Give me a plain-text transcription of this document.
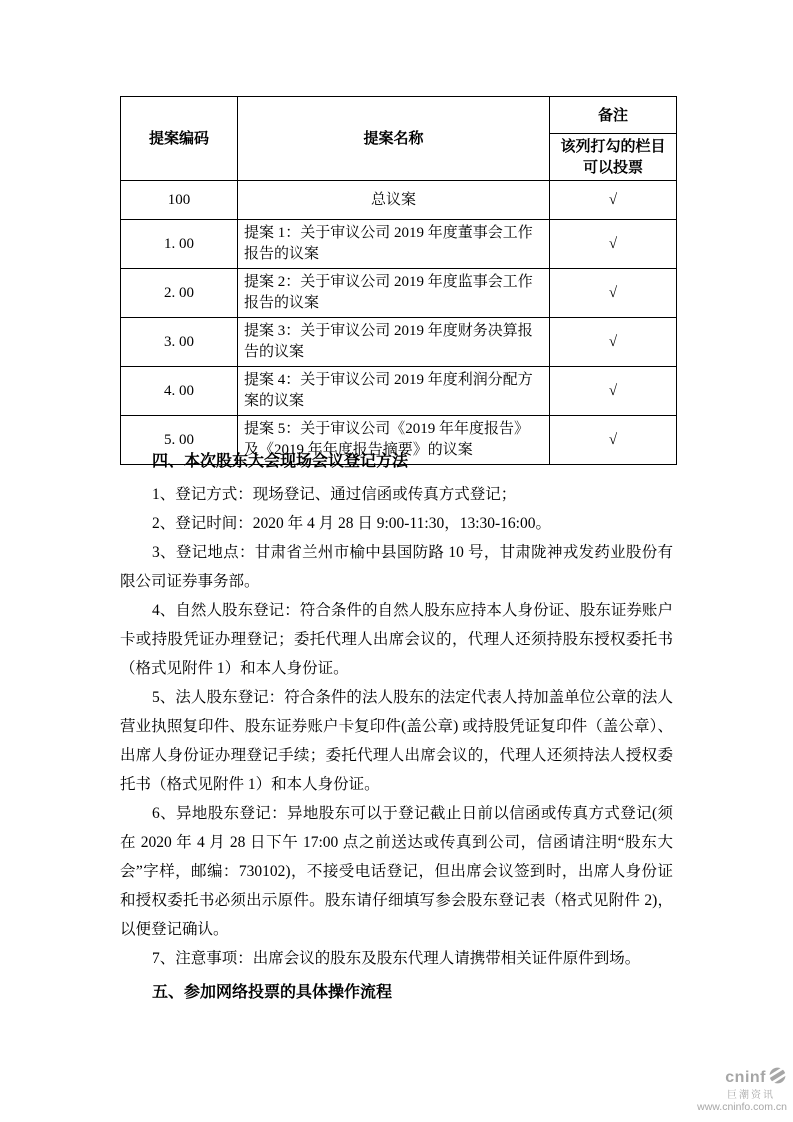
提案编码	提案名称	备注
		该列打勾的栏目可以投票
100	总议案	√
1. 00	提案 1：关于审议公司 2019 年度董事会工作报告的议案	√
2. 00	提案 2：关于审议公司 2019 年度监事会工作报告的议案	√
3. 00	提案 3：关于审议公司 2019 年度财务决算报告的议案	√
4. 00	提案 4：关于审议公司 2019 年度利润分配方案的议案	√
5. 00	提案 5：关于审议公司《2019 年年度报告》及《2019 年年度报告摘要》的议案	√
四、本次股东大会现场会议登记方法

1、登记方式：现场登记、通过信函或传真方式登记；

2、登记时间：2020 年 4 月 28 日 9:00-11:30，13:30-16:00。

3、登记地点：甘肃省兰州市榆中县国防路 10 号，甘肃陇神戎发药业股份有限公司证券事务部。

4、自然人股东登记：符合条件的自然人股东应持本人身份证、股东证券账户卡或持股凭证办理登记；委托代理人出席会议的，代理人还须持股东授权委托书（格式见附件 1）和本人身份证。

5、法人股东登记：符合条件的法人股东的法定代表人持加盖单位公章的法人营业执照复印件、股东证券账户卡复印件(盖公章) 或持股凭证复印件（盖公章）、出席人身份证办理登记手续；委托代理人出席会议的，代理人还须持法人授权委托书（格式见附件 1）和本人身份证。

6、异地股东登记：异地股东可以于登记截止日前以信函或传真方式登记(须在 2020 年 4 月 28 日下午 17:00 点之前送达或传真到公司，信函请注明“股东大会”字样，邮编：730102)，不接受电话登记，但出席会议签到时，出席人身份证和授权委托书必须出示原件。股东请仔细填写参会股东登记表（格式见附件 2)，以便登记确认。

7、注意事项：出席会议的股东及股东代理人请携带相关证件原件到场。

五、参加网络投票的具体操作流程
cninf
巨潮资讯
www.cninfo.com.cn
